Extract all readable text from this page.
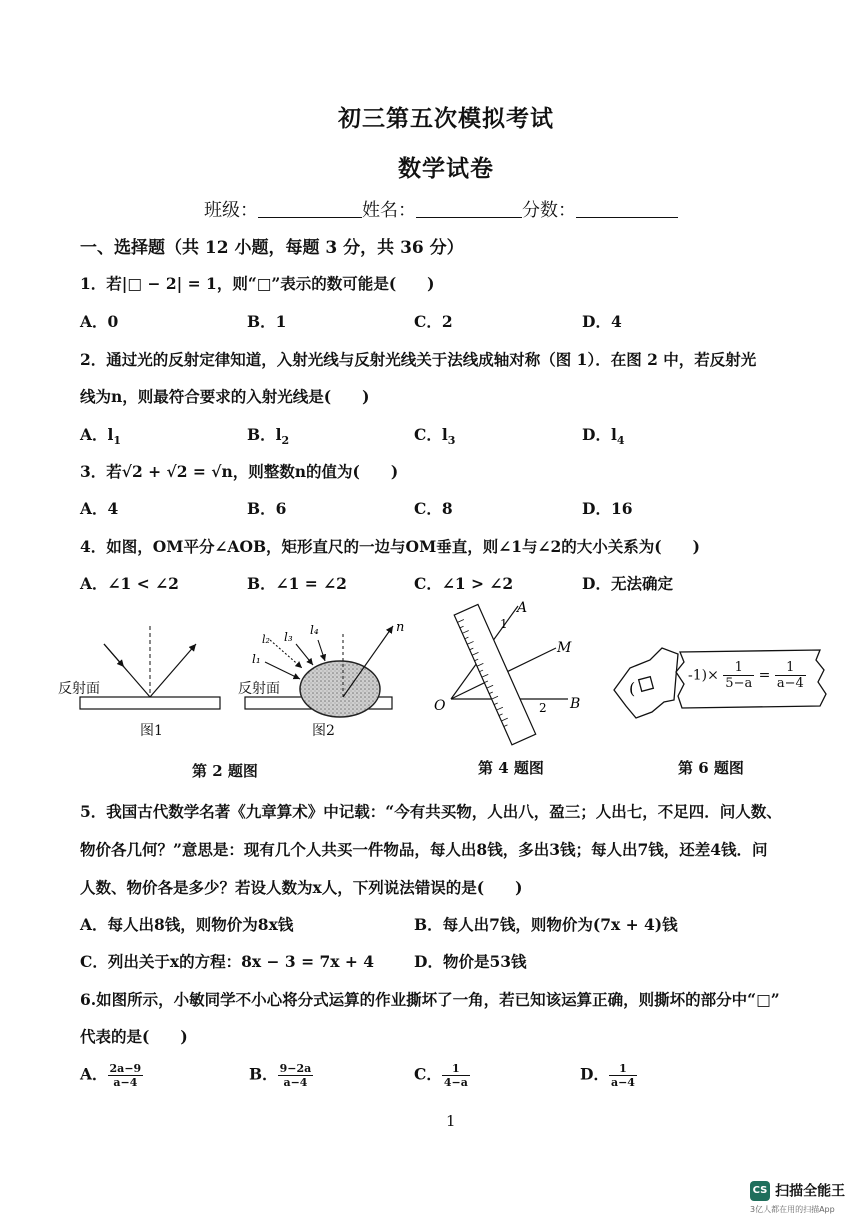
初三第五次模拟考试
数学试卷
班级：	姓名：	分数：
一、选择题（共 12 小题，每题 3 分，共 36 分）
1．若|□ − 2| = 1，则“□”表示的数可能是(　　)
A．0	B．1	C．2	D．4
2．通过光的反射定律知道，入射光线与反射光线关于法线成轴对称（图 1）．在图 2 中，若反射光
线为n，则最符合要求的入射光线是(　　)
A．$l_1$	B．$l_2$	C．$l_3$	D．$l_4$
3．若√2 + √2 = √n，则整数n的值为(　　)
A．4	B．6	C．8	D．16
4．如图，OM平分∠AOB，矩形直尺的一边与OM垂直，则∠1与∠2的大小关系为(　　)
A．∠1 < ∠2	B．∠1 = ∠2	C．∠1 > ∠2	D．无法确定
l₁
l₂ l₃ l₄	n
A
M
O	B
1
2
(
反射面
图1
反射面
图2
$-1)\times \frac{1}{5-a} = \frac{1}{a-4}$
第 2 题图	第 4 题图	第 6 题图
5．我国古代数学名著《九章算术》中记载：“今有共买物，人出八，盈三；人出七，不足四．问人数、
物价各几何？”意思是：现有几个人共买一件物品，每人出8钱，多出3钱；每人出7钱，还差4钱．问
人数、物价各是多少？若设人数为x人，下列说法错误的是(　　)
A．每人出8钱，则物价为8x钱	B．每人出7钱，则物价为(7x + 4)钱
C．列出关于x的方程：8x − 3 = 7x + 4	D．物价是53钱
6.如图所示，小敏同学不小心将分式运算的作业撕坏了一角，若已知该运算正确，则撕坏的部分中“□”
代表的是(　　)
A． $\frac{2a-9}{a-4}$	B． $\frac{9-2a}{a-4}$	C． $\frac{1}{4-a}$	D． $\frac{1}{a-4}$
1
CS 扫描全能王
3亿人都在用的扫描App
